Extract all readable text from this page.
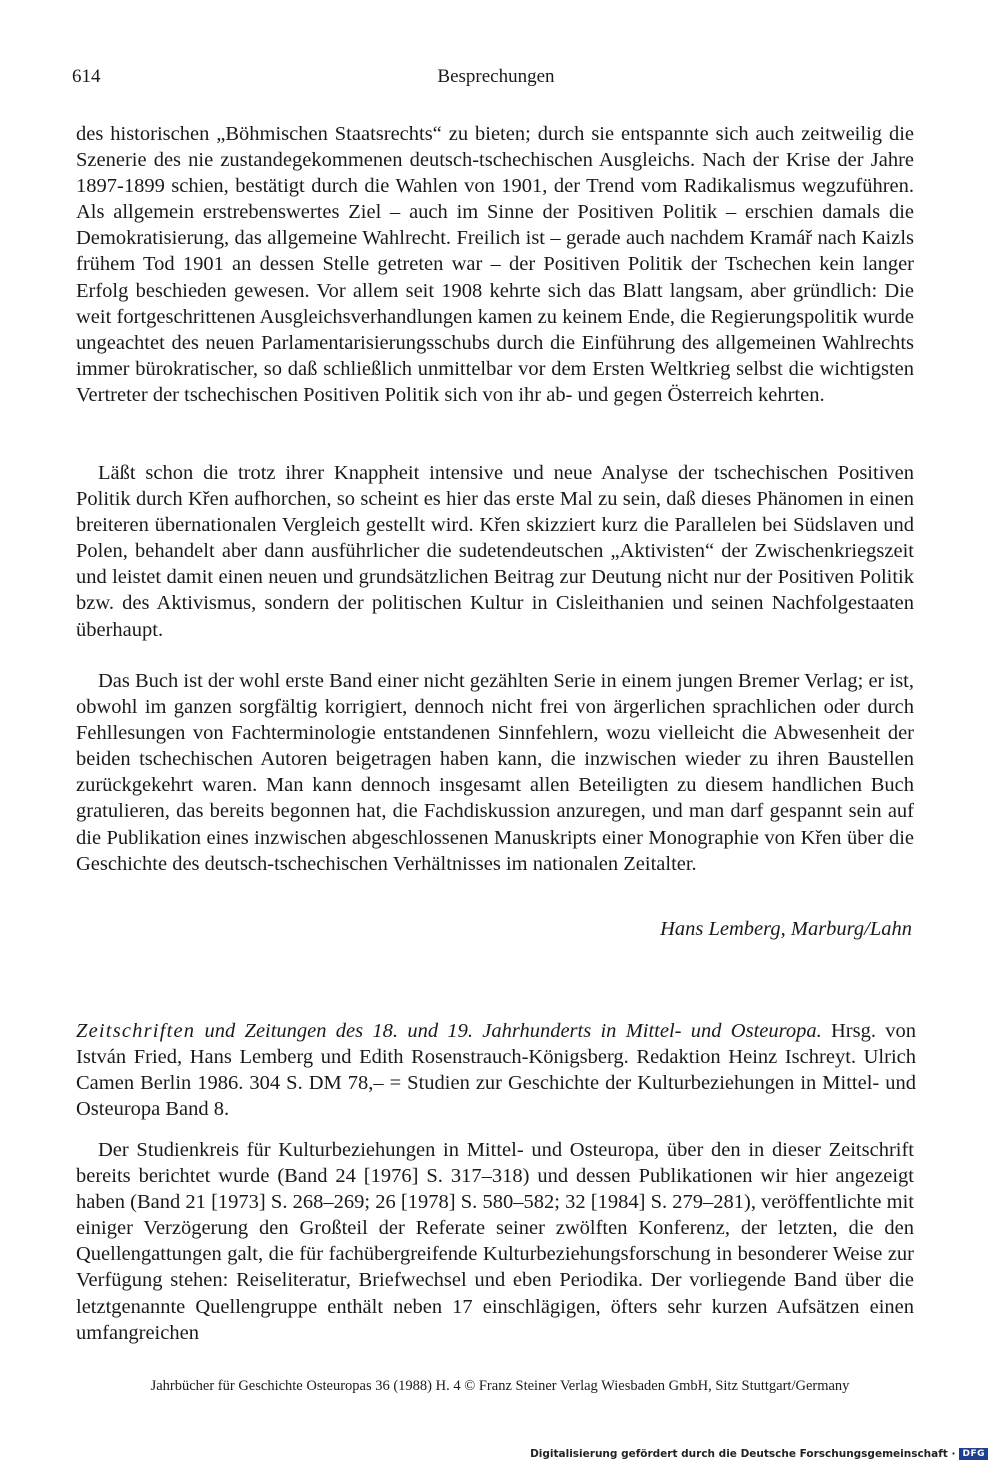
614	Besprechungen

des historischen „Böhmischen Staatsrechts“ zu bieten; durch sie entspannte sich auch zeitweilig die Szenerie des nie zustandegekommenen deutsch-tschechischen Ausgleichs. Nach der Krise der Jahre 1897-1899 schien, bestätigt durch die Wahlen von 1901, der Trend vom Radikalismus wegzuführen. Als allgemein erstrebenswertes Ziel – auch im Sinne der Positiven Politik – erschien damals die Demokratisierung, das allgemeine Wahlrecht. Freilich ist – gerade auch nachdem Kramář nach Kaizls frühem Tod 1901 an dessen Stelle getreten war – der Positiven Politik der Tschechen kein langer Erfolg beschieden gewesen. Vor allem seit 1908 kehrte sich das Blatt langsam, aber gründlich: Die weit fortgeschrittenen Ausgleichsverhandlungen kamen zu keinem Ende, die Regierungspolitik wurde ungeachtet des neuen Parlamentarisierungsschubs durch die Einführung des allgemeinen Wahlrechts immer bürokratischer, so daß schließlich unmittelbar vor dem Ersten Weltkrieg selbst die wichtigsten Vertreter der tschechischen Positiven Politik sich von ihr ab- und gegen Österreich kehrten.

Läßt schon die trotz ihrer Knappheit intensive und neue Analyse der tschechischen Positiven Politik durch Křen aufhorchen, so scheint es hier das erste Mal zu sein, daß dieses Phänomen in einen breiteren übernationalen Vergleich gestellt wird. Křen skizziert kurz die Parallelen bei Südslaven und Polen, behandelt aber dann ausführlicher die sudetendeutschen „Aktivisten“ der Zwischenkriegszeit und leistet damit einen neuen und grundsätzlichen Beitrag zur Deutung nicht nur der Positiven Politik bzw. des Aktivismus, sondern der politischen Kultur in Cisleithanien und seinen Nachfolgestaaten überhaupt.

Das Buch ist der wohl erste Band einer nicht gezählten Serie in einem jungen Bremer Verlag; er ist, obwohl im ganzen sorgfältig korrigiert, dennoch nicht frei von ärgerlichen sprachlichen oder durch Fehllesungen von Fachterminologie entstandenen Sinnfehlern, wozu vielleicht die Abwesenheit der beiden tschechischen Autoren beigetragen haben kann, die inzwischen wieder zu ihren Baustellen zurückgekehrt waren. Man kann dennoch insgesamt allen Beteiligten zu diesem handlichen Buch gratulieren, das bereits begonnen hat, die Fachdiskussion anzuregen, und man darf gespannt sein auf die Publikation eines inzwischen abgeschlossenen Manuskripts einer Monographie von Křen über die Geschichte des deutsch-tschechischen Verhältnisses im nationalen Zeitalter.

Hans Lemberg, Marburg/Lahn

Zeitschriften und Zeitungen des 18. und 19. Jahrhunderts in Mittel- und Osteuropa. Hrsg. von István Fried, Hans Lemberg und Edith Rosenstrauch-Königsberg. Redaktion Heinz Ischreyt. Ulrich Camen Berlin 1986. 304 S. DM 78,– = Studien zur Geschichte der Kulturbeziehungen in Mittel- und Osteuropa Band 8.

Der Studienkreis für Kulturbeziehungen in Mittel- und Osteuropa, über den in dieser Zeitschrift bereits berichtet wurde (Band 24 [1976] S. 317–318) und dessen Publikationen wir hier angezeigt haben (Band 21 [1973] S. 268–269; 26 [1978] S. 580–582; 32 [1984] S. 279–281), veröffentlichte mit einiger Verzögerung den Großteil der Referate seiner zwölften Konferenz, der letzten, die den Quellengattungen galt, die für fachübergreifende Kulturbeziehungsforschung in besonderer Weise zur Verfügung stehen: Reiseliteratur, Briefwechsel und eben Periodika. Der vorliegende Band über die letztgenannte Quellengruppe enthält neben 17 einschlägigen, öfters sehr kurzen Aufsätzen einen umfangreichen

Jahrbücher für Geschichte Osteuropas 36 (1988) H. 4 © Franz Steiner Verlag Wiesbaden GmbH, Sitz Stuttgart/Germany
Digitalisierung gefördert durch die Deutsche Forschungsgemeinschaft · DFG
